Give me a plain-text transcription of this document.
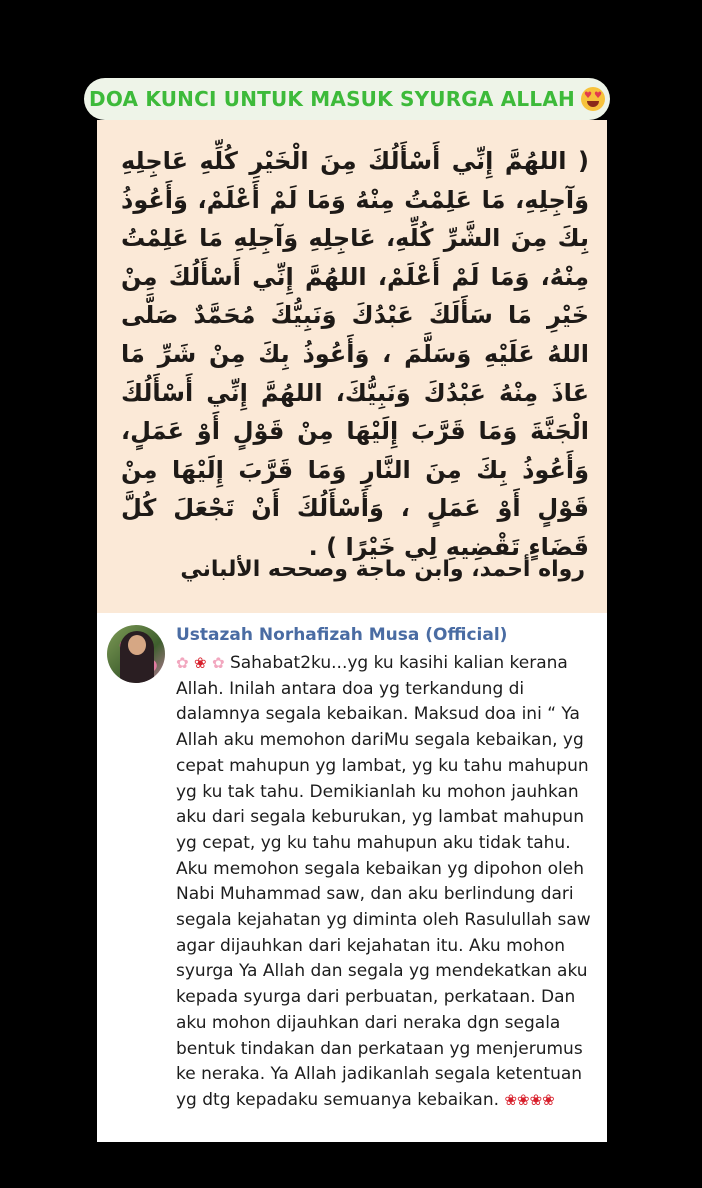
DOA KUNCI UNTUK MASUK SYURGA ALLAH ♥ ♥
( اللهُمَّ إِنِّي أَسْأَلُكَ مِنَ الْخَيْرِ كُلِّهِ عَاجِلِهِ وَآجِلِهِ، مَا عَلِمْتُ مِنْهُ وَمَا لَمْ أَعْلَمْ، وَأَعُوذُ بِكَ مِنَ الشَّرِّ كُلِّهِ، عَاجِلِهِ وَآجِلِهِ مَا عَلِمْتُ مِنْهُ، وَمَا لَمْ أَعْلَمْ، اللهُمَّ إِنِّي أَسْأَلُكَ مِنْ خَيْرِ مَا سَأَلَكَ عَبْدُكَ وَنَبِيُّكَ مُحَمَّدٌ صَلَّى اللهُ عَلَيْهِ وَسَلَّمَ ، وَأَعُوذُ بِكَ مِنْ شَرِّ مَا عَاذَ مِنْهُ عَبْدُكَ وَنَبِيُّكَ، اللهُمَّ إِنِّي أَسْأَلُكَ الْجَنَّةَ وَمَا قَرَّبَ إِلَيْهَا مِنْ قَوْلٍ أَوْ عَمَلٍ، وَأَعُوذُ بِكَ مِنَ النَّارِ وَمَا قَرَّبَ إِلَيْهَا مِنْ قَوْلٍ أَوْ عَمَلٍ ، وَأَسْأَلُكَ أَنْ تَجْعَلَ كُلَّ قَضَاءٍ تَقْضِيهِ لِي خَيْرًا ) .
رواه أحمد، وابن ماجة وصححه الألباني
Ustazah Norhafizah Musa (Official)
✿ ❀ ✿ Sahabat2ku...yg ku kasihi kalian kerana Allah. Inilah antara doa yg terkandung di dalamnya segala kebaikan. Maksud doa ini “ Ya Allah aku memohon dariMu segala kebaikan, yg cepat mahupun yg lambat, yg ku tahu mahupun yg ku tak tahu. Demikianlah ku mohon jauhkan aku dari segala keburukan, yg lambat mahupun yg cepat, yg ku tahu mahupun aku tidak tahu. Aku memohon segala kebaikan yg dipohon oleh Nabi Muhammad saw, dan aku berlindung dari segala kejahatan yg diminta oleh Rasulullah saw agar dijauhkan dari kejahatan itu. Aku mohon syurga Ya Allah dan segala yg mendekatkan aku kepada syurga dari perbuatan, perkataan. Dan aku mohon dijauhkan dari neraka dgn segala bentuk tindakan dan perkataan yg menjerumus ke neraka. Ya Allah jadikanlah segala ketentuan yg dtg kepadaku semuanya kebaikan. ❀❀❀❀
